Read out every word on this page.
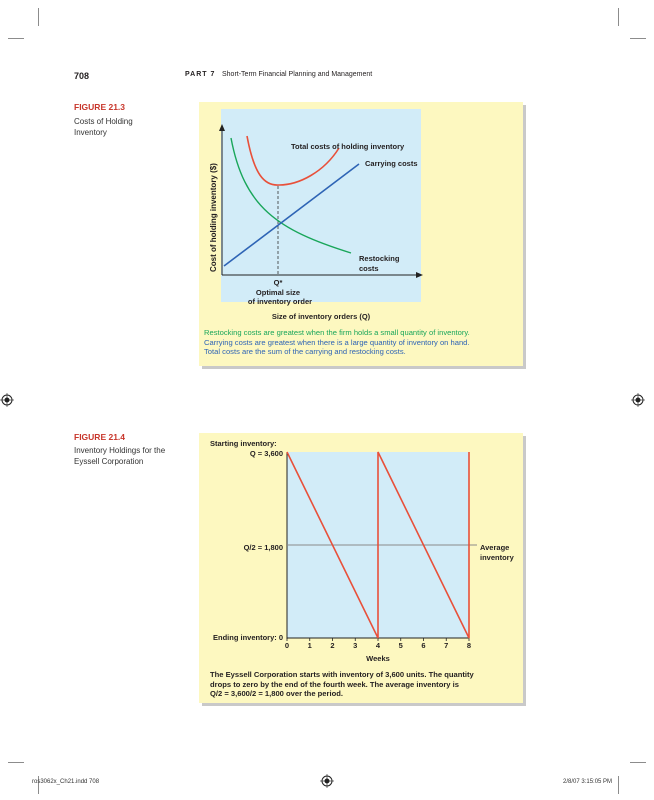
708	PART 7 Short-Term Financial Planning and Management
FIGURE 21.3
Costs of Holding Inventory
Cost of holding inventory ($)
Total costs of holding inventory
Carrying costs
Restocking
costs
Q*
Optimal size
of inventory order
Size of inventory orders (Q)
Restocking costs are greatest when the firm holds a small quantity of inventory.
Carrying costs are greatest when there is a large quantity of inventory on hand.
Total costs are the sum of the carrying and restocking costs.
FIGURE 21.4
Inventory Holdings for the Eyssell Corporation
0 1 2 3 4 5 6 7 8
Starting inventory:
Q = 3,600
Q/2 = 1,800
Ending inventory: 0
Average
inventory
Weeks
The Eyssell Corporation starts with inventory of 3,600 units. The quantity
drops to zero by the end of the fourth week. The average inventory is
Q/2 = 3,600/2 = 1,800 over the period.
ros3062x_Ch21.indd 708	2/8/07 3:15:05 PM
